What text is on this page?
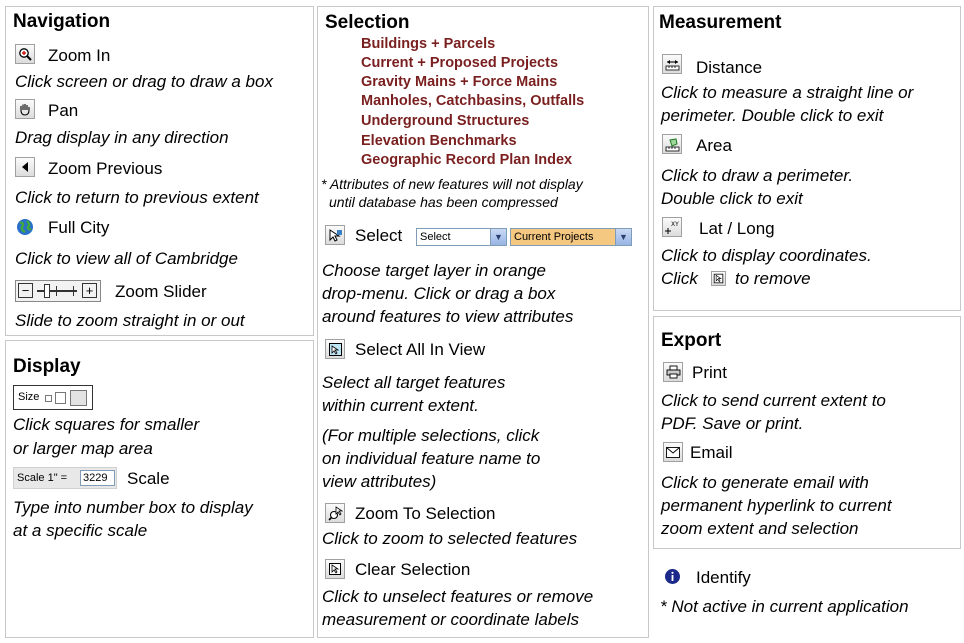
Navigation
Zoom In
Click screen or drag to draw a box
Pan
Drag display in any direction
Zoom Previous
Click to return to previous extent
Full City
Click to view all of Cambridge
−	+ Zoom Slider
Slide to zoom straight in or out
Display
Size
Click squares for smaller
or larger map area
Scale 1" = 3229	Scale
Type into number box to display
at a specific scale
Selection
Buildings + Parcels
Current + Proposed Projects
Gravity Mains + Force Mains
Manholes, Catchbasins, Outfalls
Underground Structures
Elevation Benchmarks
Geographic Record Plan Index
* Attributes of new features will not display
until database has been compressed
Select Select	▼ Current Projects	▼
Choose target layer in orange
drop-menu. Click or drag a box
around features to view attributes
Select All In View
Select all target features
within current extent.
(For multiple selections, click
on individual feature name to
view attributes)
Zoom To Selection
Click to zoom to selected features
Clear Selection
Click to unselect features or remove
measurement or coordinate labels
Measurement
Distance
Click to measure a straight line or
perimeter. Double click to exit
Area
Click to draw a perimeter.
Double click to exit
XY Lat / Long
Click to display coordinates.
Click to remove
Export
Print
Click to send current extent to
PDF. Save or print.
Email
Click to generate email with
permanent hyperlink to current
zoom extent and selection
Identify
* Not active in current application
